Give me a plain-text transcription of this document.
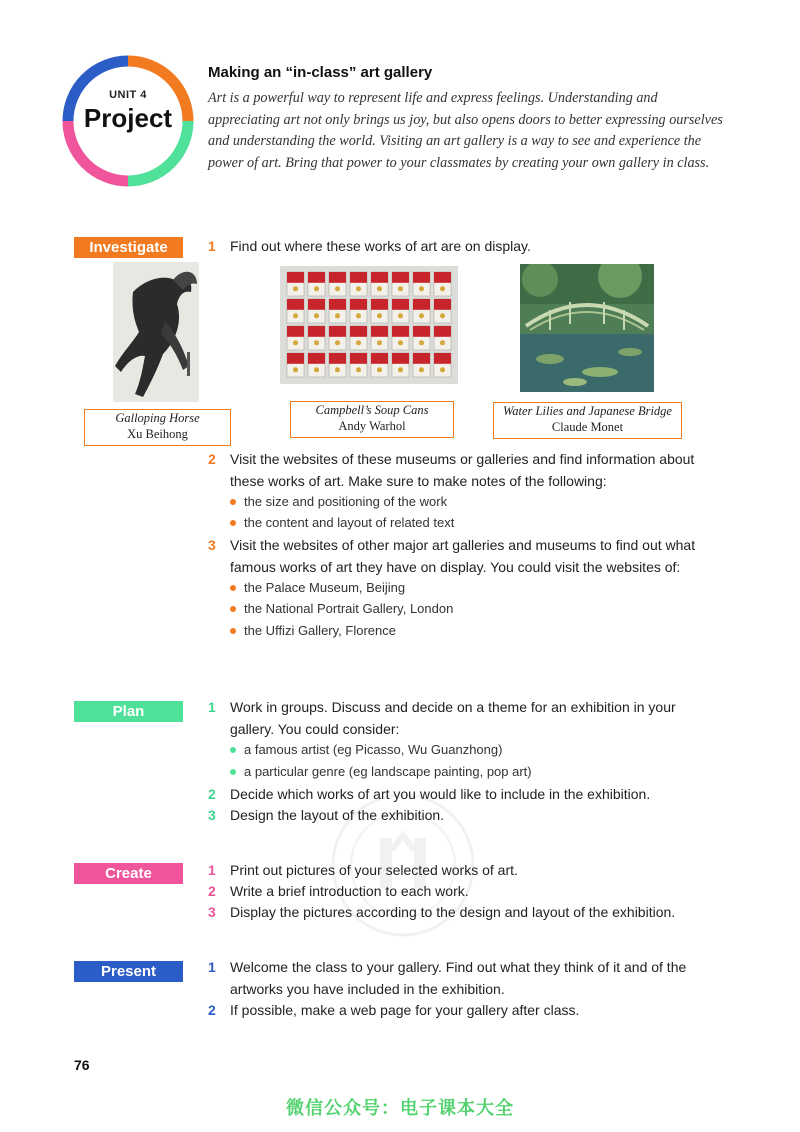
UNIT 4
Project
Making an “in-class” art gallery
Art is a powerful way to represent life and express feelings. Understanding and appreciating art not only brings us joy, but also opens doors to better expressing ourselves and understanding the world. Visiting an art gallery is a way to see and experience the power of art. Bring that power to your classmates by creating your own gallery in class.
Investigate	1 Find out where these works of art are on display.
Galloping Horse
Xu Beihong
Campbell’s Soup Cans
Andy Warhol
Water Lilies and Japanese Bridge
Claude Monet
2 Visit the websites of these museums or galleries and find information about
these works of art. Make sure to make notes of the following:
the size and positioning of the work
the content and layout of related text
3 Visit the websites of other major art galleries and museums to find out what
famous works of art they have on display. You could visit the websites of:
the Palace Museum, Beijing
the National Portrait Gallery, London
the Uffizi Gallery, Florence
Plan	1 Work in groups. Discuss and decide on a theme for an exhibition in your
gallery. You could consider:
a famous artist (eg Picasso, Wu Guanzhong)
a particular genre (eg landscape painting, pop art)
2 Decide which works of art you would like to include in the exhibition.
3 Design the layout of the exhibition.
Create	1 Print out pictures of your selected works of art.
2 Write a brief introduction to each work.
3 Display the pictures according to the design and layout of the exhibition.
Present	1 Welcome the class to your gallery. Find out what they think of it and of the
artworks you have included in the exhibition.
2 If possible, make a web page for your gallery after class.
76
微信公众号：电子课本大全
